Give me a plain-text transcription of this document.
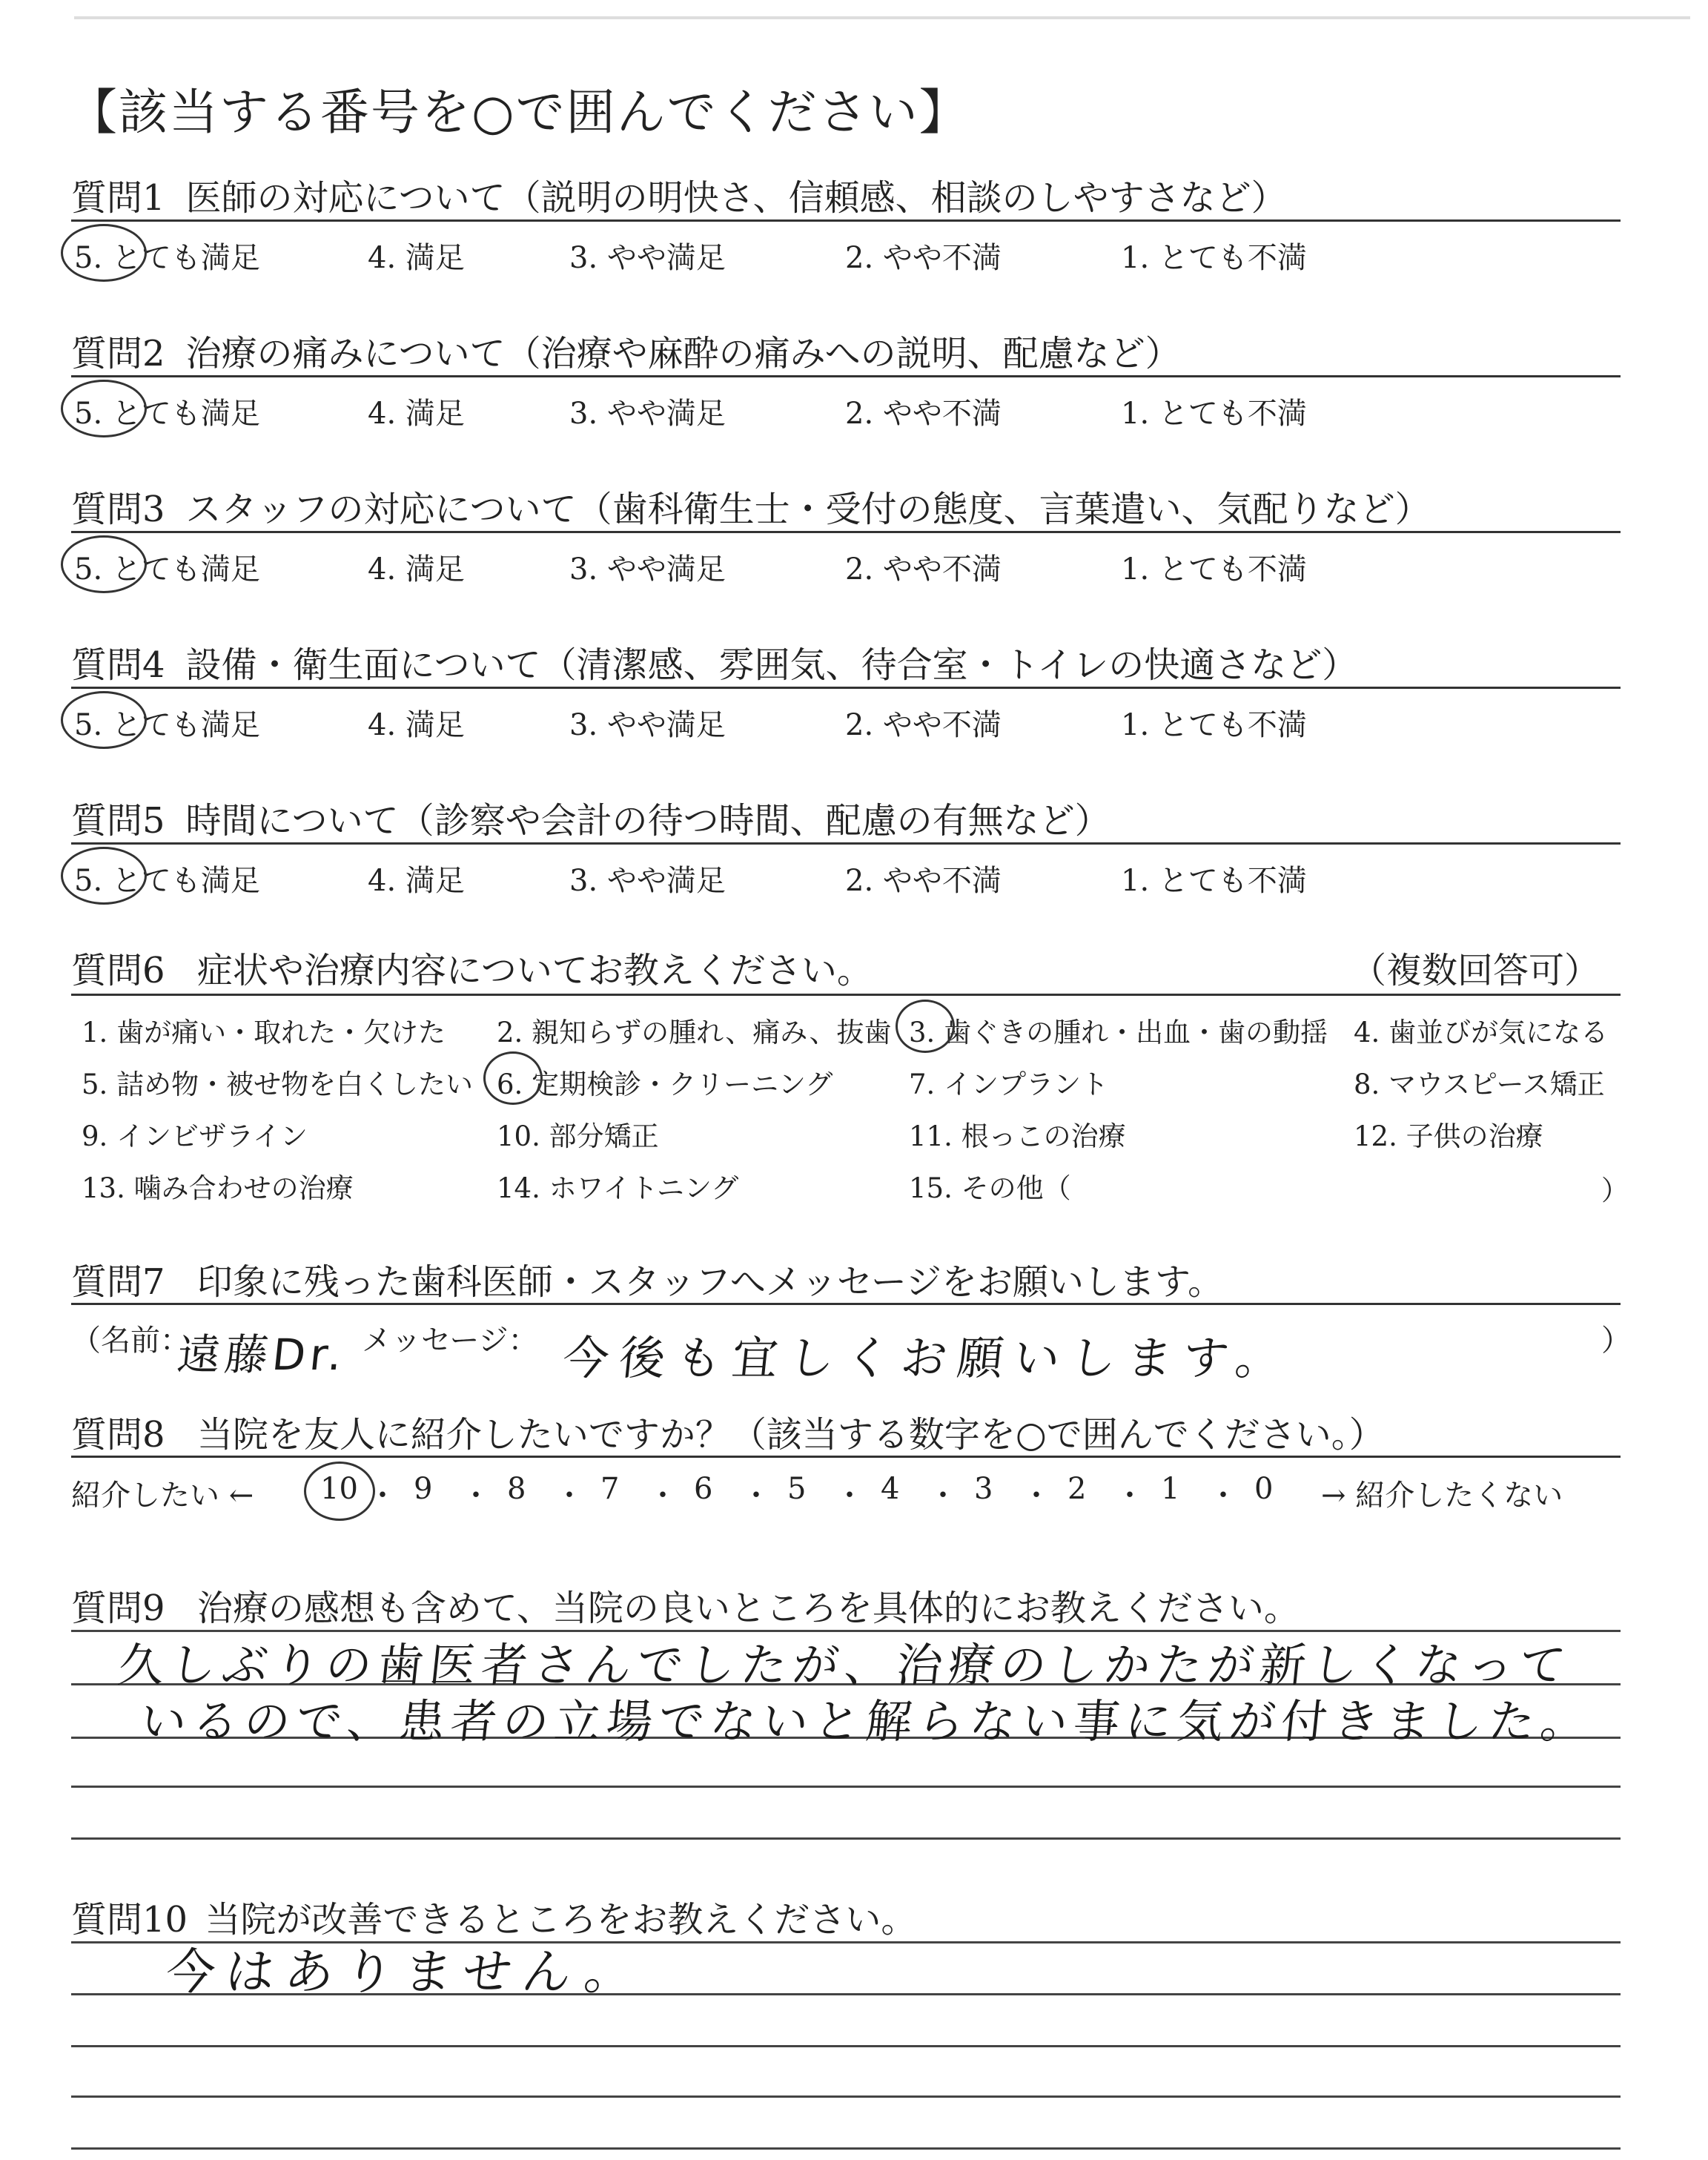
【該当する番号を○で囲んでください】
質問1 医師の対応について（説明の明快さ、信頼感、相談のしやすさなど）
5. とても満足	4. 満足	3. やや満足	2. やや不満	1. とても不満
質問2 治療の痛みについて（治療や麻酔の痛みへの説明、配慮など）
5. とても満足	4. 満足	3. やや満足	2. やや不満	1. とても不満
質問3 スタッフの対応について（歯科衛生士・受付の態度、言葉遣い、気配りなど）
5. とても満足	4. 満足	3. やや満足	2. やや不満	1. とても不満
質問4 設備・衛生面について（清潔感、雰囲気、待合室・トイレの快適さなど）
5. とても満足	4. 満足	3. やや満足	2. やや不満	1. とても不満
質問5 時間について（診察や会計の待つ時間、配慮の有無など）
5. とても満足	4. 満足	3. やや満足	2. やや不満	1. とても不満
質問6 症状や治療内容についてお教えください。	（複数回答可）
1. 歯が痛い・取れた・欠けた 2. 親知らずの腫れ、痛み、抜歯 3. 歯ぐきの腫れ・出血・歯の動揺 4. 歯並びが気になる
5. 詰め物・被せ物を白くしたい 6. 定期検診・クリーニング	7. インプラント	8. マウスピース矯正
9. インビザライン	10. 部分矯正	11. 根っこの治療	12. 子供の治療
13. 噛み合わせの治療	14. ホワイトニング	15. その他（	）
質問7 印象に残った歯科医師・スタッフへメッセージをお願いします。
（名前：
遠藤Dr. メッセージ： 今後も宜しくお願いします。	）
質問8 当院を友人に紹介したいですか？（該当する数字を○で囲んでください。）
紹介したい ←	→ 紹介したくない
10 ・ 9 ・ 8 ・ 7 ・ 6 ・ 5 ・ 4 ・ 3 ・ 2 ・ 1 ・ 0
質問9 治療の感想も含めて、当院の良いところを具体的にお教えください。
久しぶりの歯医者さんでしたが、治療のしかたが新しくなって
いるので、患者の立場でないと解らない事に気が付きました。
質問10 当院が改善できるところをお教えください。
今はありません。
